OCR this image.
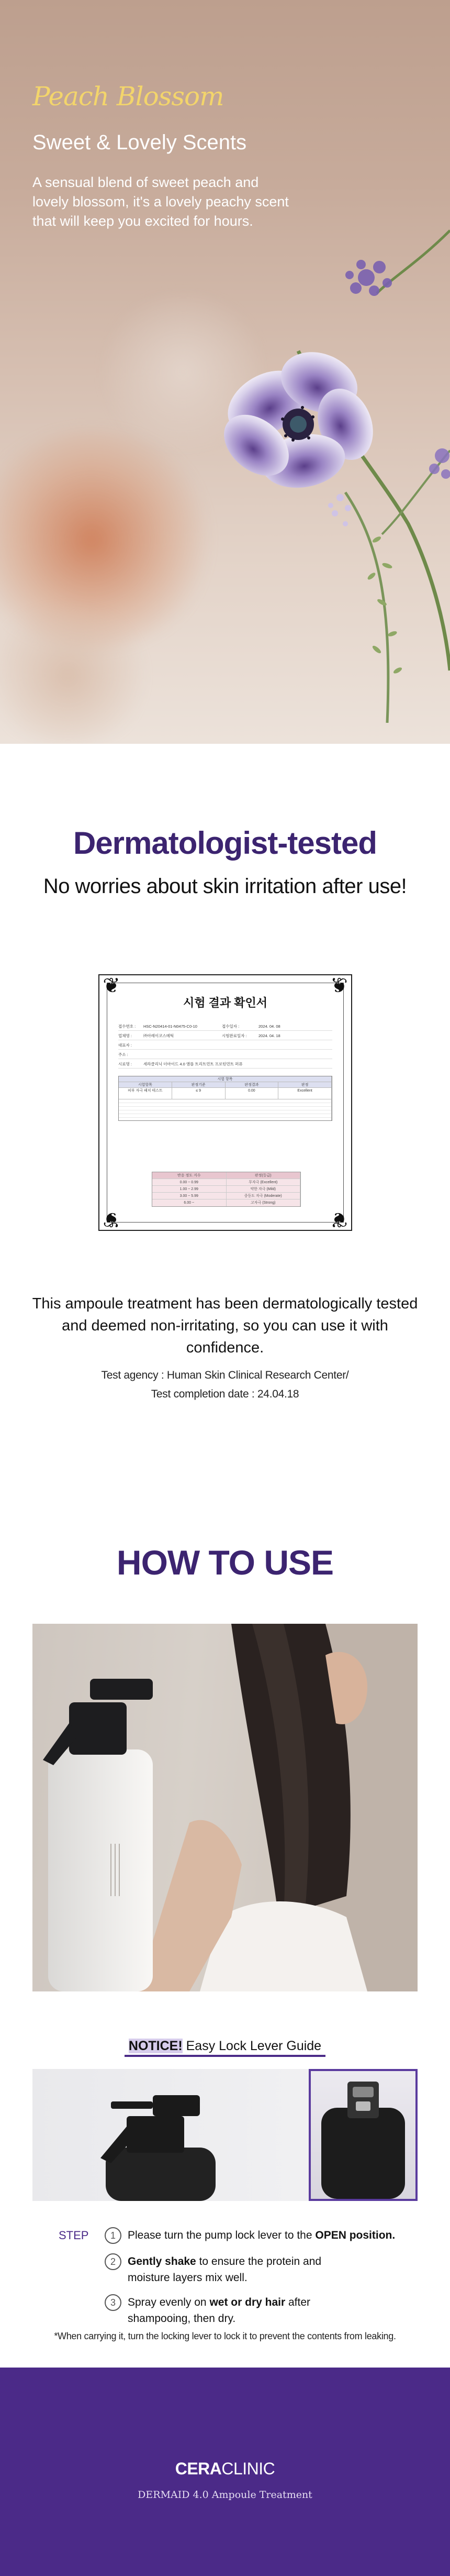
Peach Blossom
Sweet & Lovely Scents
A sensual blend of sweet peach and lovely blossom, it's a lovely peachy scent that will keep you excited for hours.
Dermatologist-tested
No worries about skin irritation after use!
❦	❦
❦	❦
시험 결과 확인서
접수번호 : HSC-N20414-01-N0475-C0-10	접수일자 :	2024. 04. 08
업체명 :	㈜아레이코스메틱	시험완료일자 :	2024. 04. 18
대표자 :
주소 :
시료명 :	세라클리닉 더마이드 4.0 앰플 트리트먼트 프로틴먼트 퍼퓨
시험 항목
시험항목	판정기준	판정결과	판정
피부 자극 패치 테스트	≤ 9	0.00	Excellent
반응 정도 지수	판정(등급)
0.00 ~ 0.99	무자극 (Excellent)
1.00 ~ 2.99	약한 자극 (Mild)
3.00 ~ 5.99	중등도 자극 (Moderate)
6.00 ~	고자극 (Strong)
This ampoule treatment has been dermatologically tested and deemed non-irritating, so you can use it with confidence.
Test agency : Human Skin Clinical Research Center/
Test completion date : 24.04.18
HOW TO USE
NOTICE! Easy Lock Lever Guide
STEP	1	Please turn the pump lock lever to the OPEN position.
2	Gently shake to ensure the protein and moisture layers mix well.
3	Spray evenly on wet or dry hair after shampooing, then dry.
*When carrying it, turn the locking lever to lock it to prevent the contents from leaking.
CERACLINIC
DERMAID 4.0 Ampoule Treatment
